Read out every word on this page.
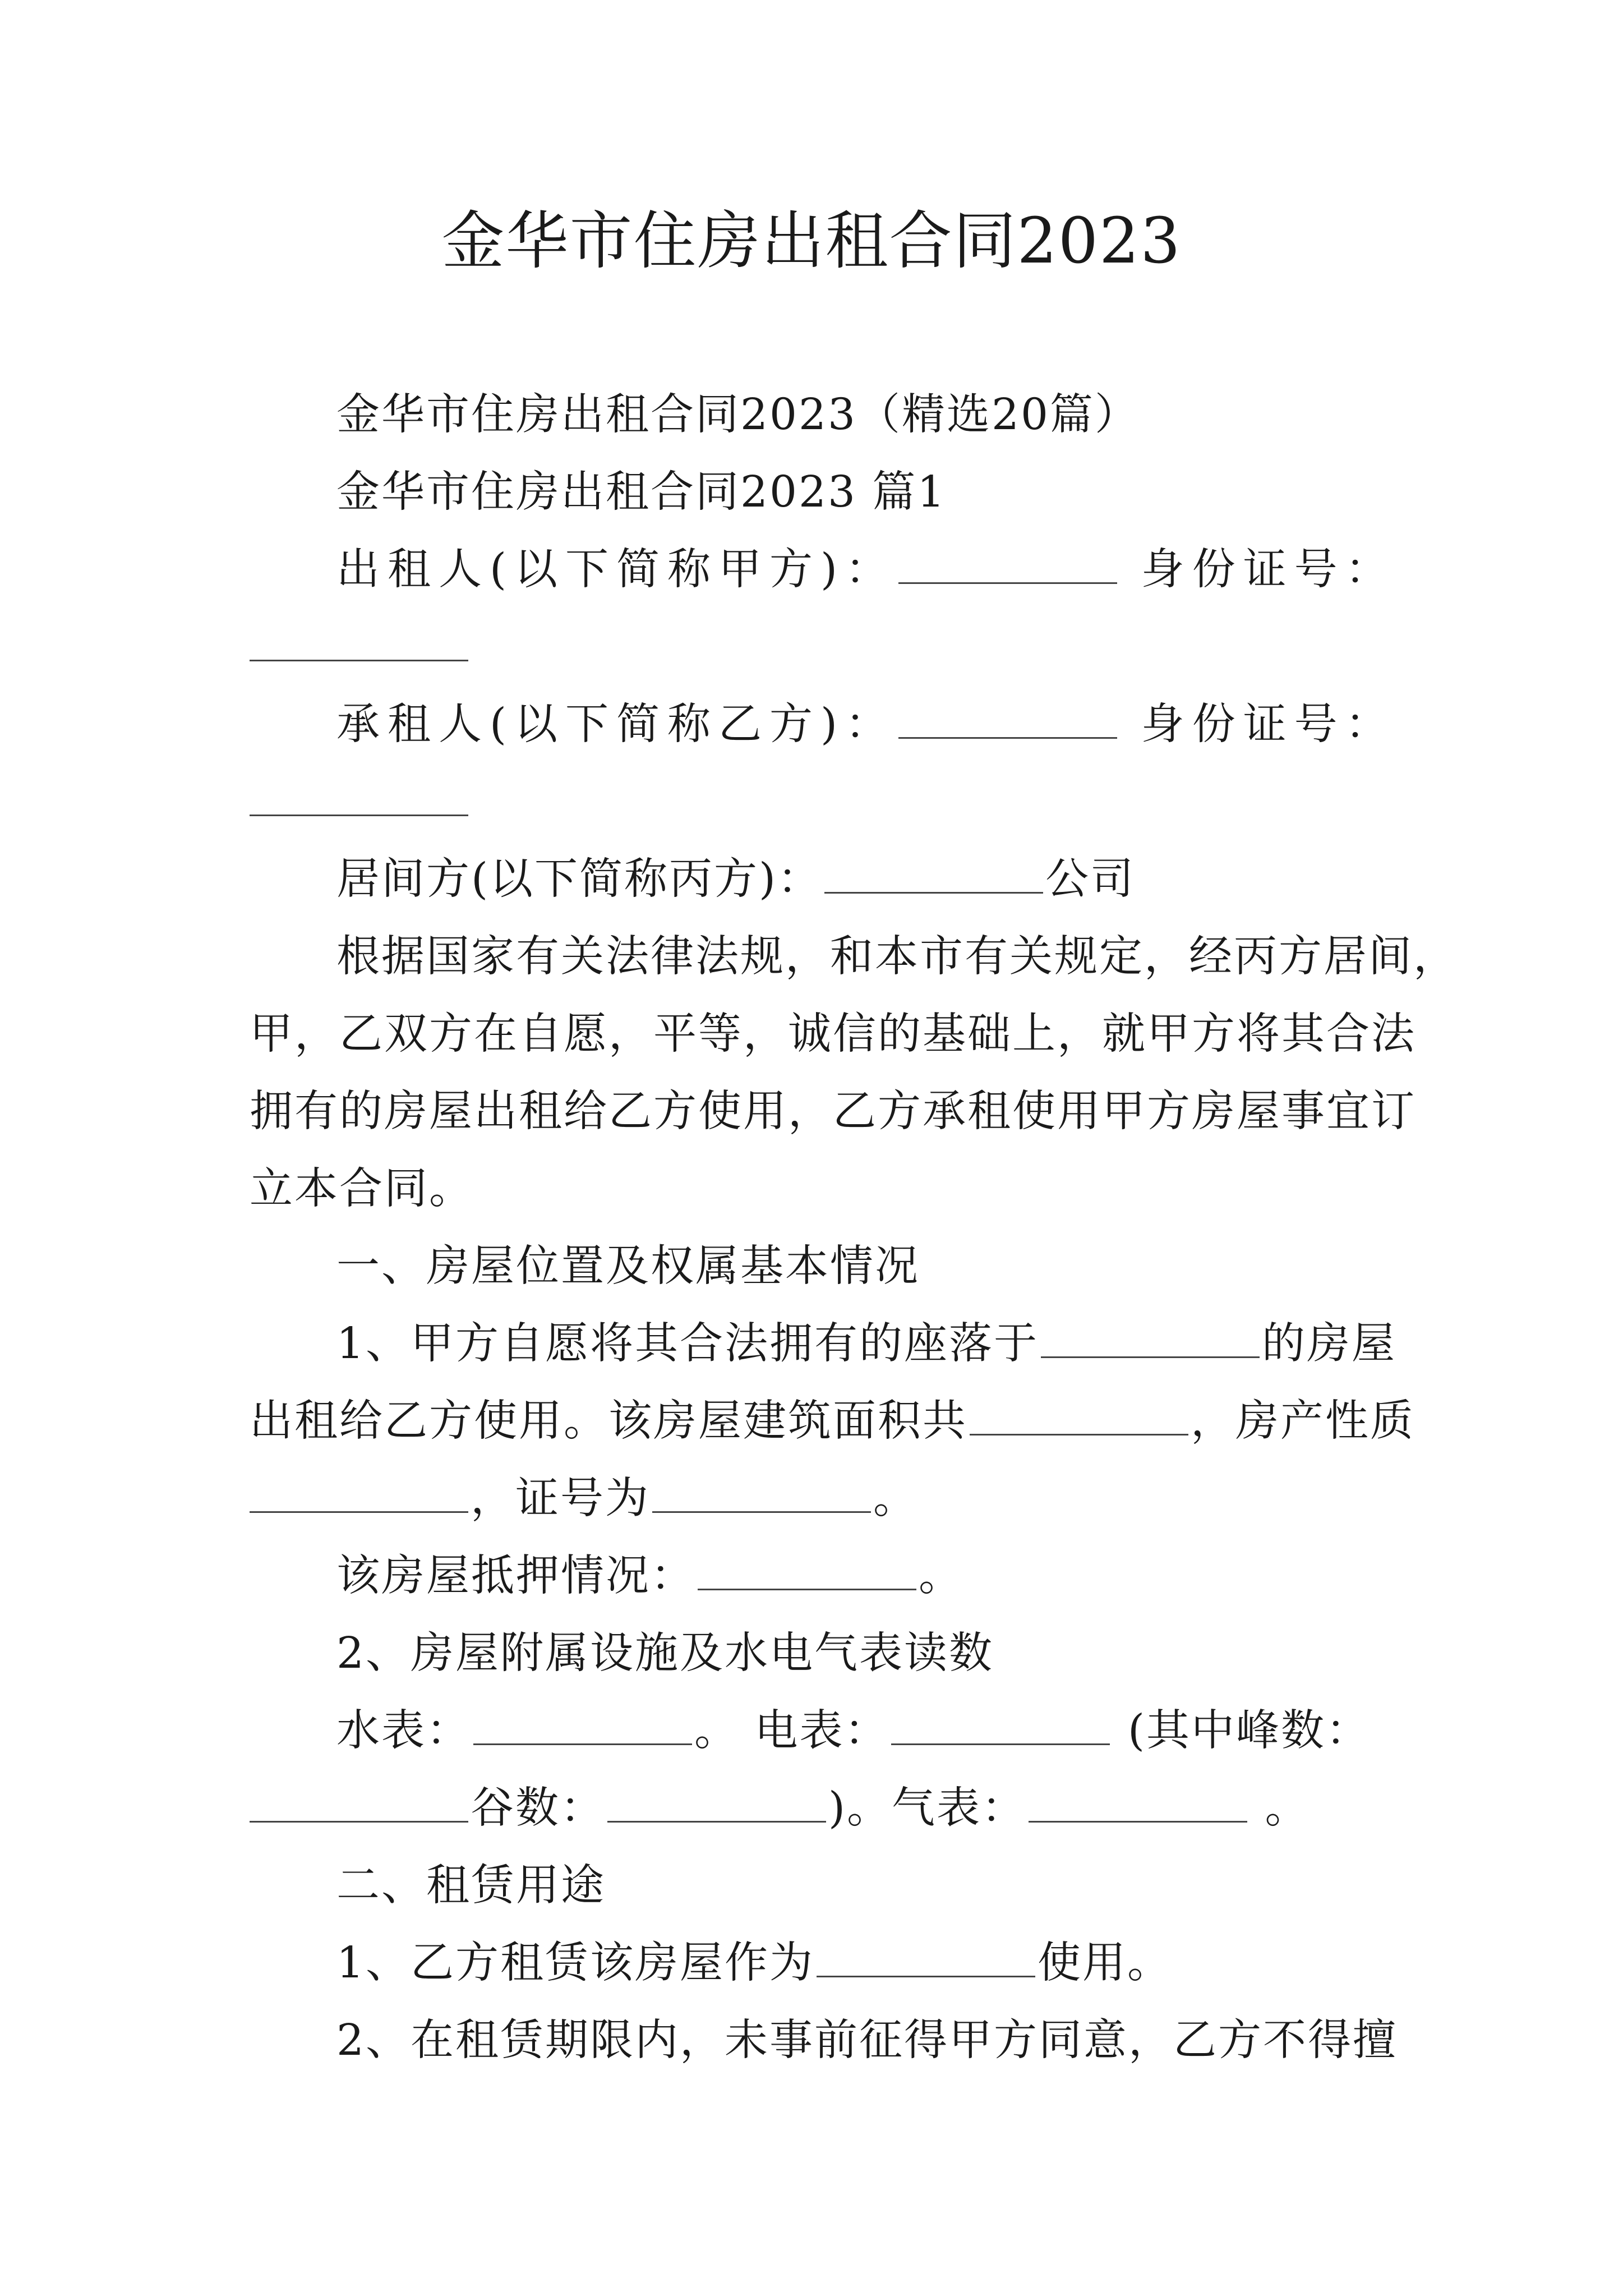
金华市住房出租合同2023
金华市住房出租合同2023（精选20篇）
金华市住房出租合同2023 篇1
出租人(以下简称甲方)：	身份证号：
承租人(以下简称乙方)：	身份证号：
居间方(以下简称丙方)：	公司
根据国家有关法律法规，和本市有关规定，经丙方居间，
甲，乙双方在自愿，平等，诚信的基础上，就甲方将其合法
拥有的房屋出租给乙方使用，乙方承租使用甲方房屋事宜订
立本合同。
一、房屋位置及权属基本情况
1、甲方自愿将其合法拥有的座落于	的房屋
出租给乙方使用。该房屋建筑面积共	，房产性质
，证号为	。
该房屋抵押情况：	。
2、房屋附属设施及水电气表读数
水表：	。 电表：	(其中峰数：
谷数：	)。气表：	。
二、租赁用途
1、乙方租赁该房屋作为	使用。
2、在租赁期限内，未事前征得甲方同意，乙方不得擅
